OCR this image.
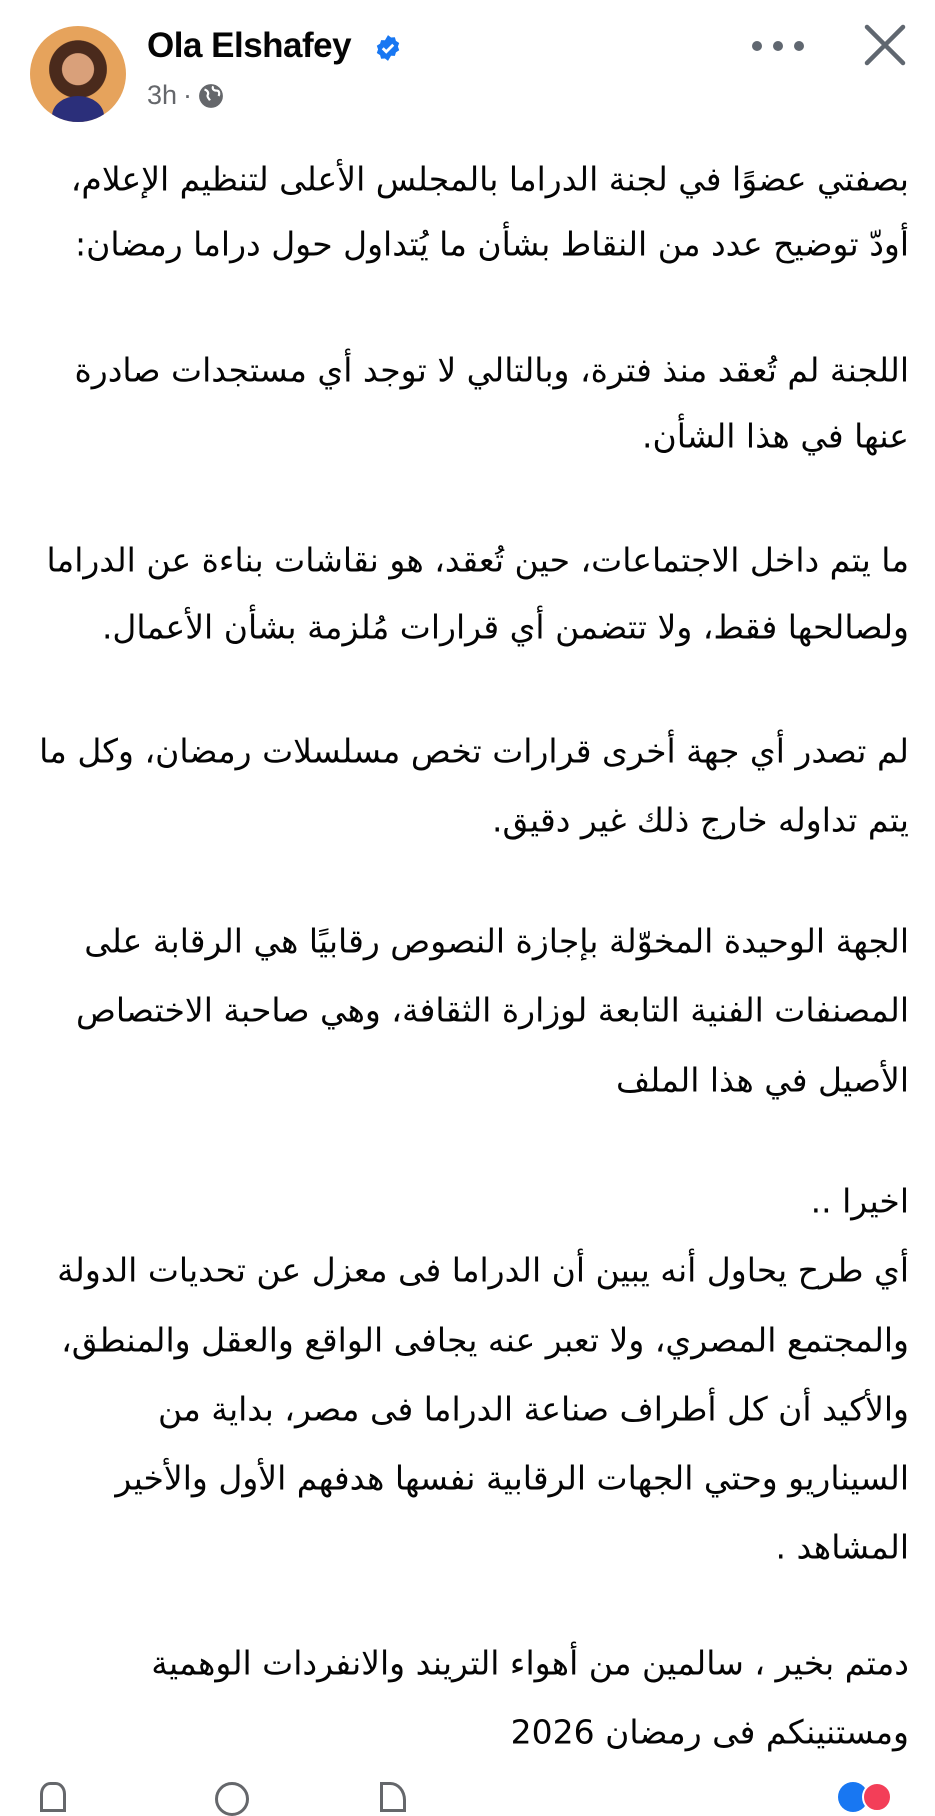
Ola Elshafey
3h ·
بصفتي عضوًا في لجنة الدراما بالمجلس الأعلى لتنظيم الإعلام،
أودّ توضيح عدد من النقاط بشأن ما يُتداول حول دراما رمضان:
اللجنة لم تُعقد منذ فترة، وبالتالي لا توجد أي مستجدات صادرة
عنها في هذا الشأن.
ما يتم داخل الاجتماعات، حين تُعقد، هو نقاشات بناءة عن الدراما
ولصالحها فقط، ولا تتضمن أي قرارات مُلزمة بشأن الأعمال.
لم تصدر أي جهة أخرى قرارات تخص مسلسلات رمضان، وكل ما
يتم تداوله خارج ذلك غير دقيق.
الجهة الوحيدة المخوّلة بإجازة النصوص رقابيًا هي الرقابة على
المصنفات الفنية التابعة لوزارة الثقافة، وهي صاحبة الاختصاص
الأصيل في هذا الملف
اخيرا ..
أي طرح يحاول أنه يبين أن الدراما فى معزل عن تحديات الدولة
والمجتمع المصري، ولا تعبر عنه يجافى الواقع والعقل والمنطق،
والأكيد أن كل أطراف صناعة الدراما فى مصر، بداية من
السيناريو وحتي الجهات الرقابية نفسها هدفهم الأول والأخير
المشاهد .
دمتم بخير ، سالمين من أهواء التريند والانفردات الوهمية
ومستنينكم فى رمضان 2026
